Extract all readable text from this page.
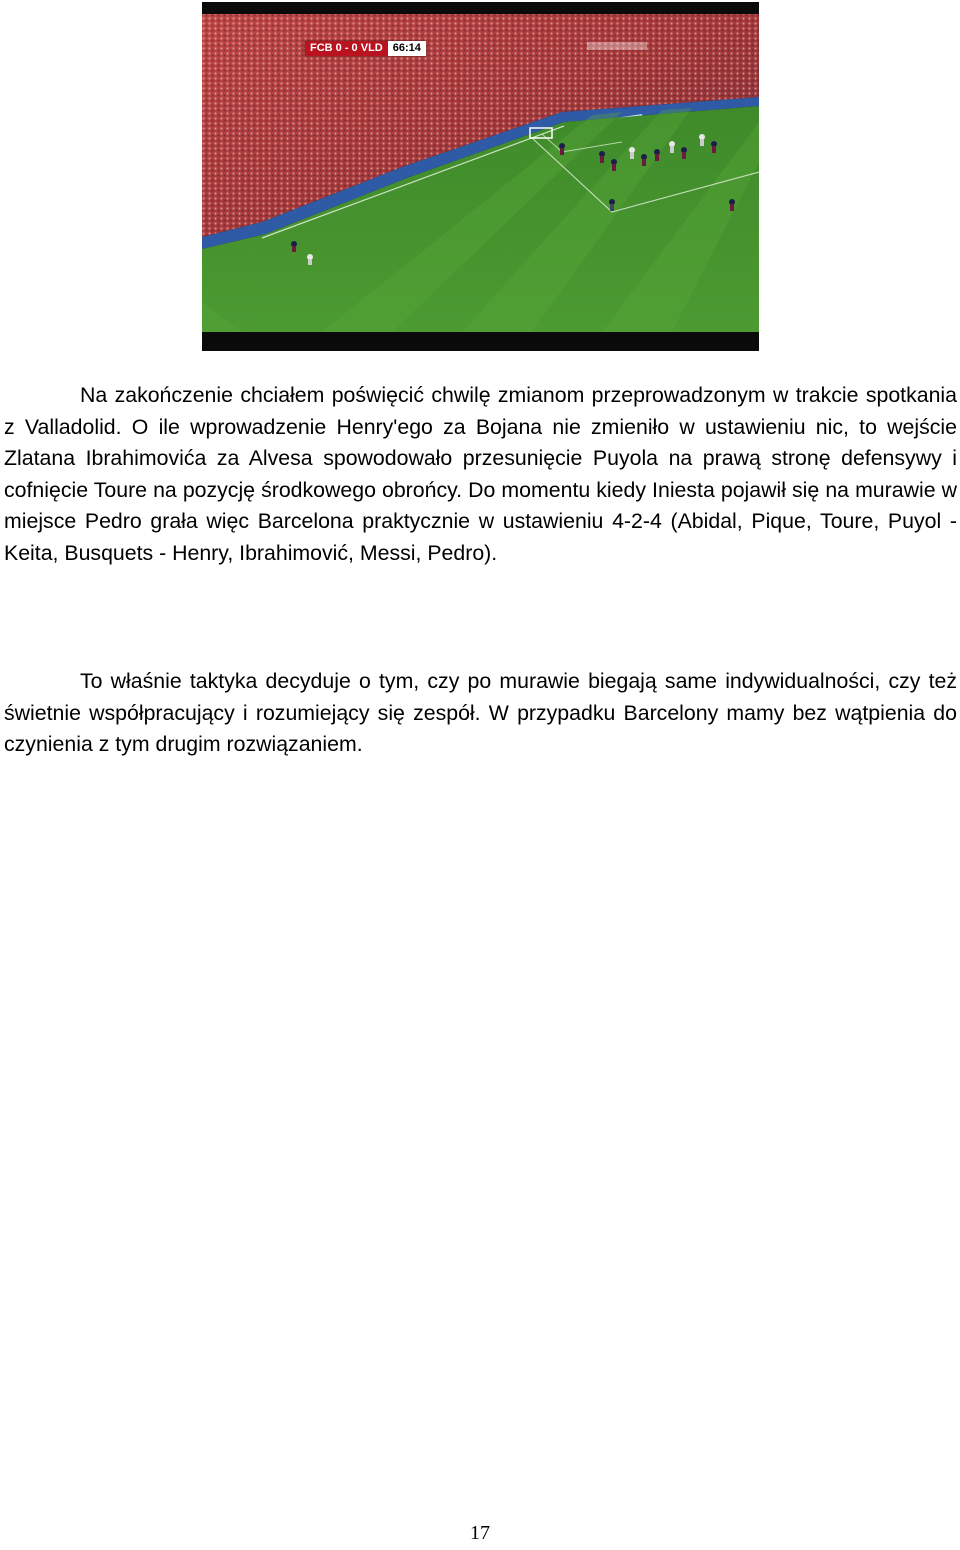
FCB 0 - 0 VLD 66:14

Na zakończenie chciałem poświęcić chwilę zmianom przeprowadzonym w trakcie spotkania z Valladolid. O ile wprowadzenie Henry'ego za Bojana nie zmieniło w ustawieniu nic, to wejście Zlatana Ibrahimovića za Alvesa spowodowało przesunięcie Puyola na prawą stronę defensywy i cofnięcie Toure na pozycję środkowego obrońcy. Do momentu kiedy Iniesta pojawił się na murawie w miejsce Pedro grała więc Barcelona praktycznie w ustawieniu 4-2-4 (Abidal, Pique, Toure, Puyol - Keita, Busquets - Henry, Ibrahimović, Messi, Pedro).

To właśnie taktyka decyduje o tym, czy po murawie biegają same indywidualności, czy też świetnie współpracujący i rozumiejący się zespół. W przypadku Barcelony mamy bez wątpienia do czynienia z tym drugim rozwiązaniem.

17
